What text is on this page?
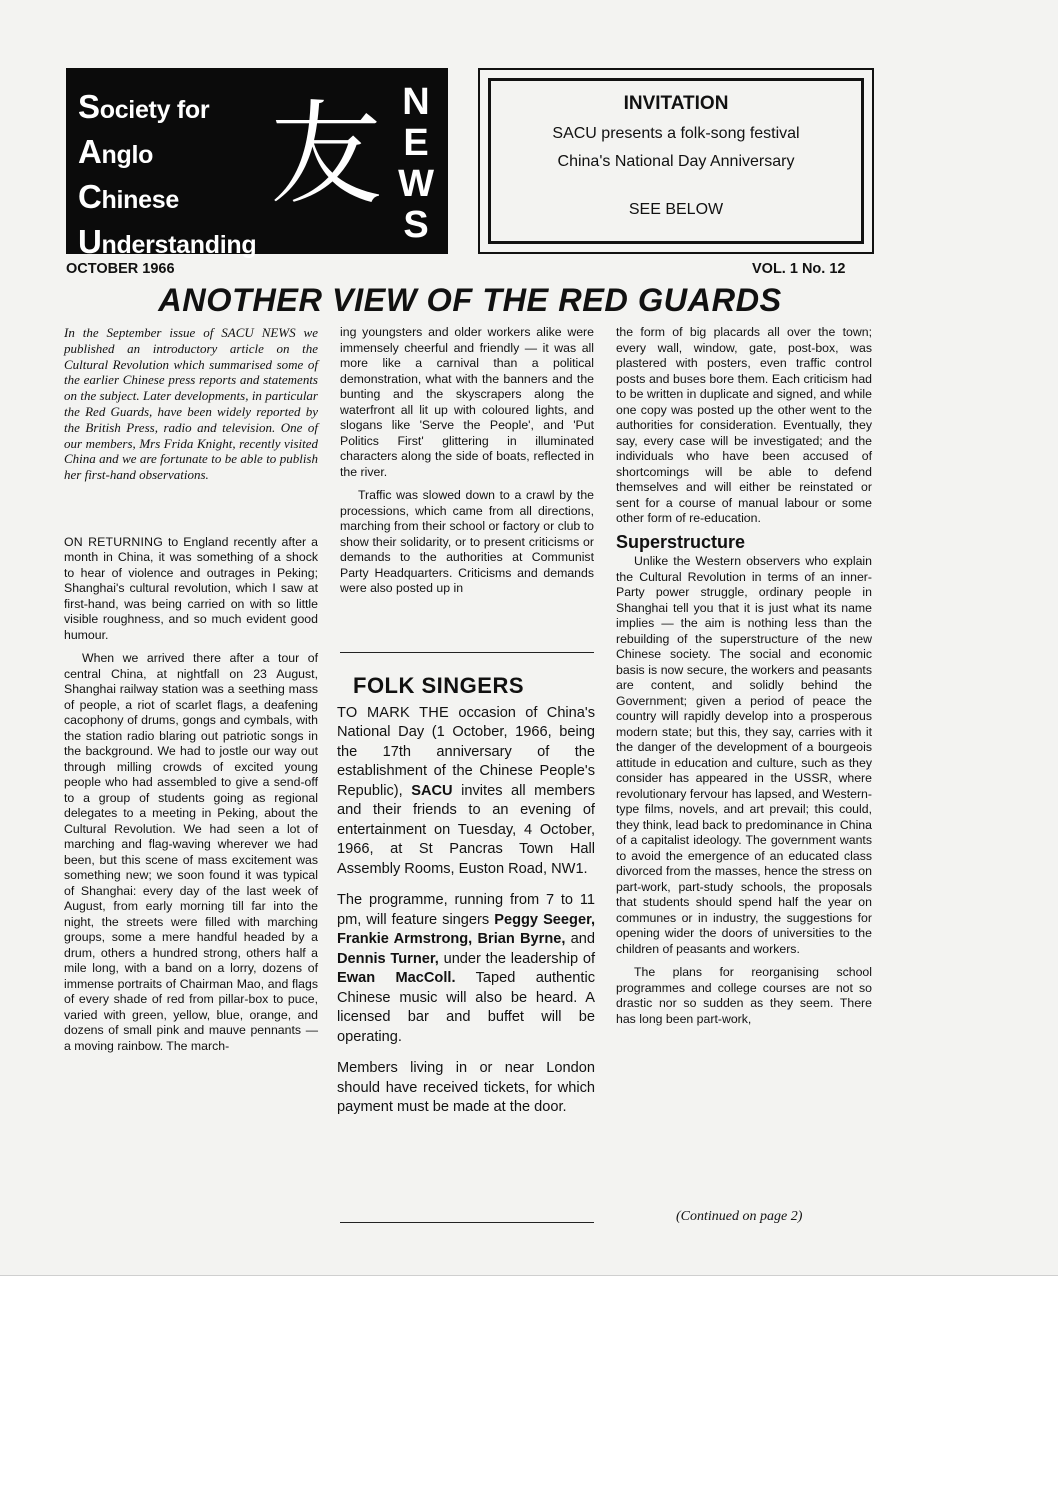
Society for
Anglo
Chinese
Understanding
友 N
E
W
S
INVITATION
SACU presents a folk-song festival
China's National Day Anniversary
SEE BELOW
OCTOBER 1966	VOL. 1 No. 12
ANOTHER VIEW OF THE RED GUARDS

In the September issue of SACU NEWS we published an introductory article on the Cultural Revolution which summarised some of the earlier Chinese press reports and statements on the subject. Later developments, in particular the Red Guards, have been widely reported by the British Press, radio and television. One of our members, Mrs Frida Knight, recently visited China and we are fortunate to be able to publish her first-hand observations.

ON RETURNING to England recently after a month in China, it was something of a shock to hear of violence and outrages in Peking; Shanghai's cultural revolution, which I saw at first-hand, was being carried on with so little visible roughness, and so much evident good humour.

When we arrived there after a tour of central China, at nightfall on 23 August, Shanghai railway station was a seething mass of people, a riot of scarlet flags, a deafening cacophony of drums, gongs and cymbals, with the station radio blaring out patriotic songs in the background. We had to jostle our way out through milling crowds of excited young people who had assembled to give a send-off to a group of students going as regional delegates to a meeting in Peking, about the Cultural Revolution. We had seen a lot of marching and flag-waving wherever we had been, but this scene of mass excitement was something new; we soon found it was typical of Shanghai: every day of the last week of August, from early morning till far into the night, the streets were filled with marching groups, some a mere handful headed by a drum, others a hundred strong, others half a mile long, with a band on a lorry, dozens of immense portraits of Chairman Mao, and flags of every shade of red from pillar-box to puce, varied with green, yellow, blue, orange, and dozens of small pink and mauve pennants — a moving rainbow. The march-

ing youngsters and older workers alike were immensely cheerful and friendly — it was all more like a carnival than a political demonstration, what with the banners and the bunting and the skyscrapers along the waterfront all lit up with coloured lights, and slogans like 'Serve the People', and 'Put Politics First' glittering in illuminated characters along the side of boats, reflected in the river.

Traffic was slowed down to a crawl by the processions, which came from all directions, marching from their school or factory or club to show their solidarity, or to present criticisms or demands to the authorities at Communist Party Headquarters. Criticisms and demands were also posted up in

FOLK SINGERS

TO MARK THE occasion of China's National Day (1 October, 1966, being the 17th anniversary of the establishment of the Chinese People's Republic), SACU invites all members and their friends to an evening of entertainment on Tuesday, 4 October, 1966, at St Pancras Town Hall Assembly Rooms, Euston Road, NW1.

The programme, running from 7 to 11 pm, will feature singers Peggy Seeger, Frankie Armstrong, Brian Byrne, and Dennis Turner, under the leadership of Ewan MacColl. Taped authentic Chinese music will also be heard. A licensed bar and buffet will be operating.

Members living in or near London should have received tickets, for which payment must be made at the door.

the form of big placards all over the town; every wall, window, gate, post-box, was plastered with posters, even traffic control posts and buses bore them. Each criticism had to be written in duplicate and signed, and while one copy was posted up the other went to the authorities for consideration. Eventually, they say, every case will be investigated; and the individuals who have been accused of shortcomings will be able to defend themselves and will either be reinstated or sent for a course of manual labour or some other form of re-education.

Superstructure

Unlike the Western observers who explain the Cultural Revolution in terms of an inner-Party power struggle, ordinary people in Shanghai tell you that it is just what its name implies — the aim is nothing less than the rebuilding of the superstructure of the new Chinese society. The social and economic basis is now secure, the workers and peasants are content, and solidly behind the Government; given a period of peace the country will rapidly develop into a prosperous modern state; but this, they say, carries with it the danger of the development of a bourgeois attitude in education and culture, such as they consider has appeared in the USSR, where revolutionary fervour has lapsed, and Western-type films, novels, and art prevail; this could, they think, lead back to predominance in China of a capitalist ideology. The government wants to avoid the emergence of an educated class divorced from the masses, hence the stress on part-work, part-study schools, the proposals that students should spend half the year on communes or in industry, the suggestions for opening wider the doors of universities to the children of peasants and workers.

The plans for reorganising school programmes and college courses are not so drastic nor so sudden as they seem. There has long been part-work,

(Continued on page 2)
